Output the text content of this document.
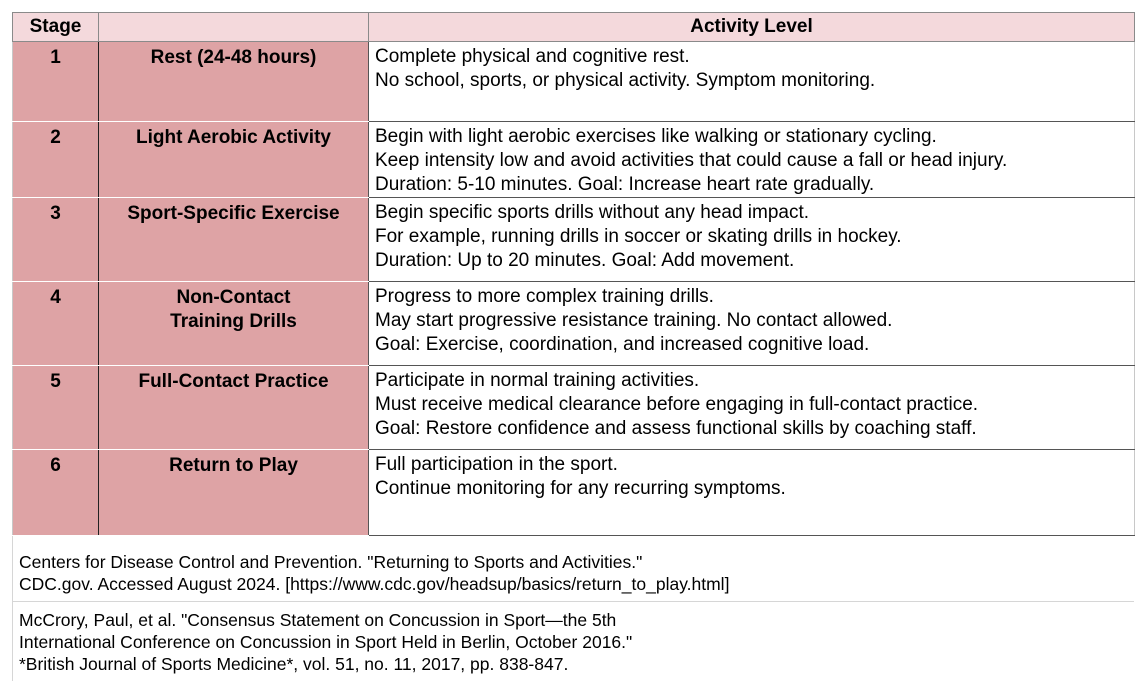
Stage		Activity Level
1	Rest (24-48 hours)	Complete physical and cognitive rest.
No school, sports, or physical activity. Symptom monitoring.

2	Light Aerobic Activity	Begin with light aerobic exercises like walking or stationary cycling.
Keep intensity low and avoid activities that could cause a fall or head injury.
Duration: 5-10 minutes. Goal: Increase heart rate gradually.

3	Sport-Specific Exercise	Begin specific sports drills without any head impact.
For example, running drills in soccer or skating drills in hockey.
Duration: Up to 20 minutes. Goal: Add movement.

4	Non-Contact
Training Drills	Progress to more complex training drills.
May start progressive resistance training. No contact allowed.
Goal: Exercise, coordination, and increased cognitive load.

5	Full-Contact Practice	Participate in normal training activities.
Must receive medical clearance before engaging in full-contact practice.
Goal: Restore confidence and assess functional skills by coaching staff.

6	Return to Play	Full participation in the sport.
Continue monitoring for any recurring symptoms.
Centers for Disease Control and Prevention. "Returning to Sports and Activities."
CDC.gov. Accessed August 2024. [https://www.cdc.gov/headsup/basics/return_to_play.html]
McCrory, Paul, et al. "Consensus Statement on Concussion in Sport—the 5th
International Conference on Concussion in Sport Held in Berlin, October 2016."
*British Journal of Sports Medicine*, vol. 51, no. 11, 2017, pp. 838-847.
